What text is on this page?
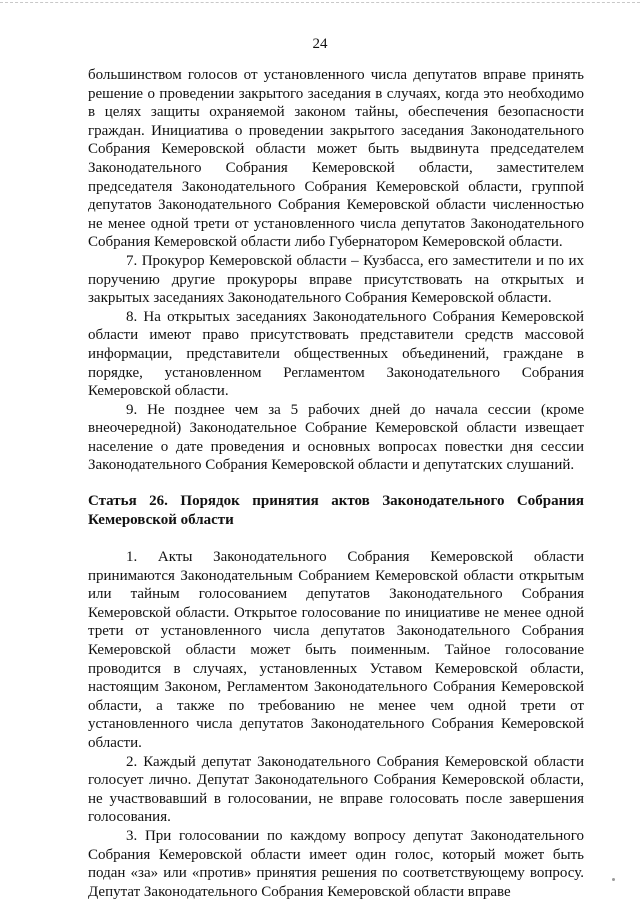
24

большинством голосов от установленного числа депутатов вправе принять решение о проведении закрытого заседания в случаях, когда это необходимо в целях защиты охраняемой законом тайны, обеспечения безопасности граждан. Инициатива о проведении закрытого заседания Законодательного Собрания Кемеровской области может быть выдвинута председателем Законодательного Собрания Кемеровской области, заместителем председателя Законодательного Собрания Кемеровской области, группой депутатов Законодательного Собрания Кемеровской области численностью не менее одной трети от установленного числа депутатов Законодательного Собрания Кемеровской области либо Губернатором Кемеровской области.

7. Прокурор Кемеровской области – Кузбасса, его заместители и по их поручению другие прокуроры вправе присутствовать на открытых и закрытых заседаниях Законодательного Собрания Кемеровской области.

8. На открытых заседаниях Законодательного Собрания Кемеровской области имеют право присутствовать представители средств массовой информации, представители общественных объединений, граждане в порядке, установленном Регламентом Законодательного Собрания Кемеровской области.

9. Не позднее чем за 5 рабочих дней до начала сессии (кроме внеочередной) Законодательное Собрание Кемеровской области извещает население о дате проведения и основных вопросах повестки дня сессии Законодательного Собрания Кемеровской области и депутатских слушаний.

Статья 26. Порядок принятия актов Законодательного Собрания Кемеровской области

1. Акты Законодательного Собрания Кемеровской области принимаются Законодательным Собранием Кемеровской области открытым или тайным голосованием депутатов Законодательного Собрания Кемеровской области. Открытое голосование по инициативе не менее одной трети от установленного числа депутатов Законодательного Собрания Кемеровской области может быть поименным. Тайное голосование проводится в случаях, установленных Уставом Кемеровской области, настоящим Законом, Регламентом Законодательного Собрания Кемеровской области, а также по требованию не менее чем одной трети от установленного числа депутатов Законодательного Собрания Кемеровской области.

2. Каждый депутат Законодательного Собрания Кемеровской области голосует лично. Депутат Законодательного Собрания Кемеровской области, не участвовавший в голосовании, не вправе голосовать после завершения голосования.

3. При голосовании по каждому вопросу депутат Законодательного Собрания Кемеровской области имеет один голос, который может быть подан «за» или «против» принятия решения по соответствующему вопросу. Депутат Законодательного Собрания Кемеровской области вправе
